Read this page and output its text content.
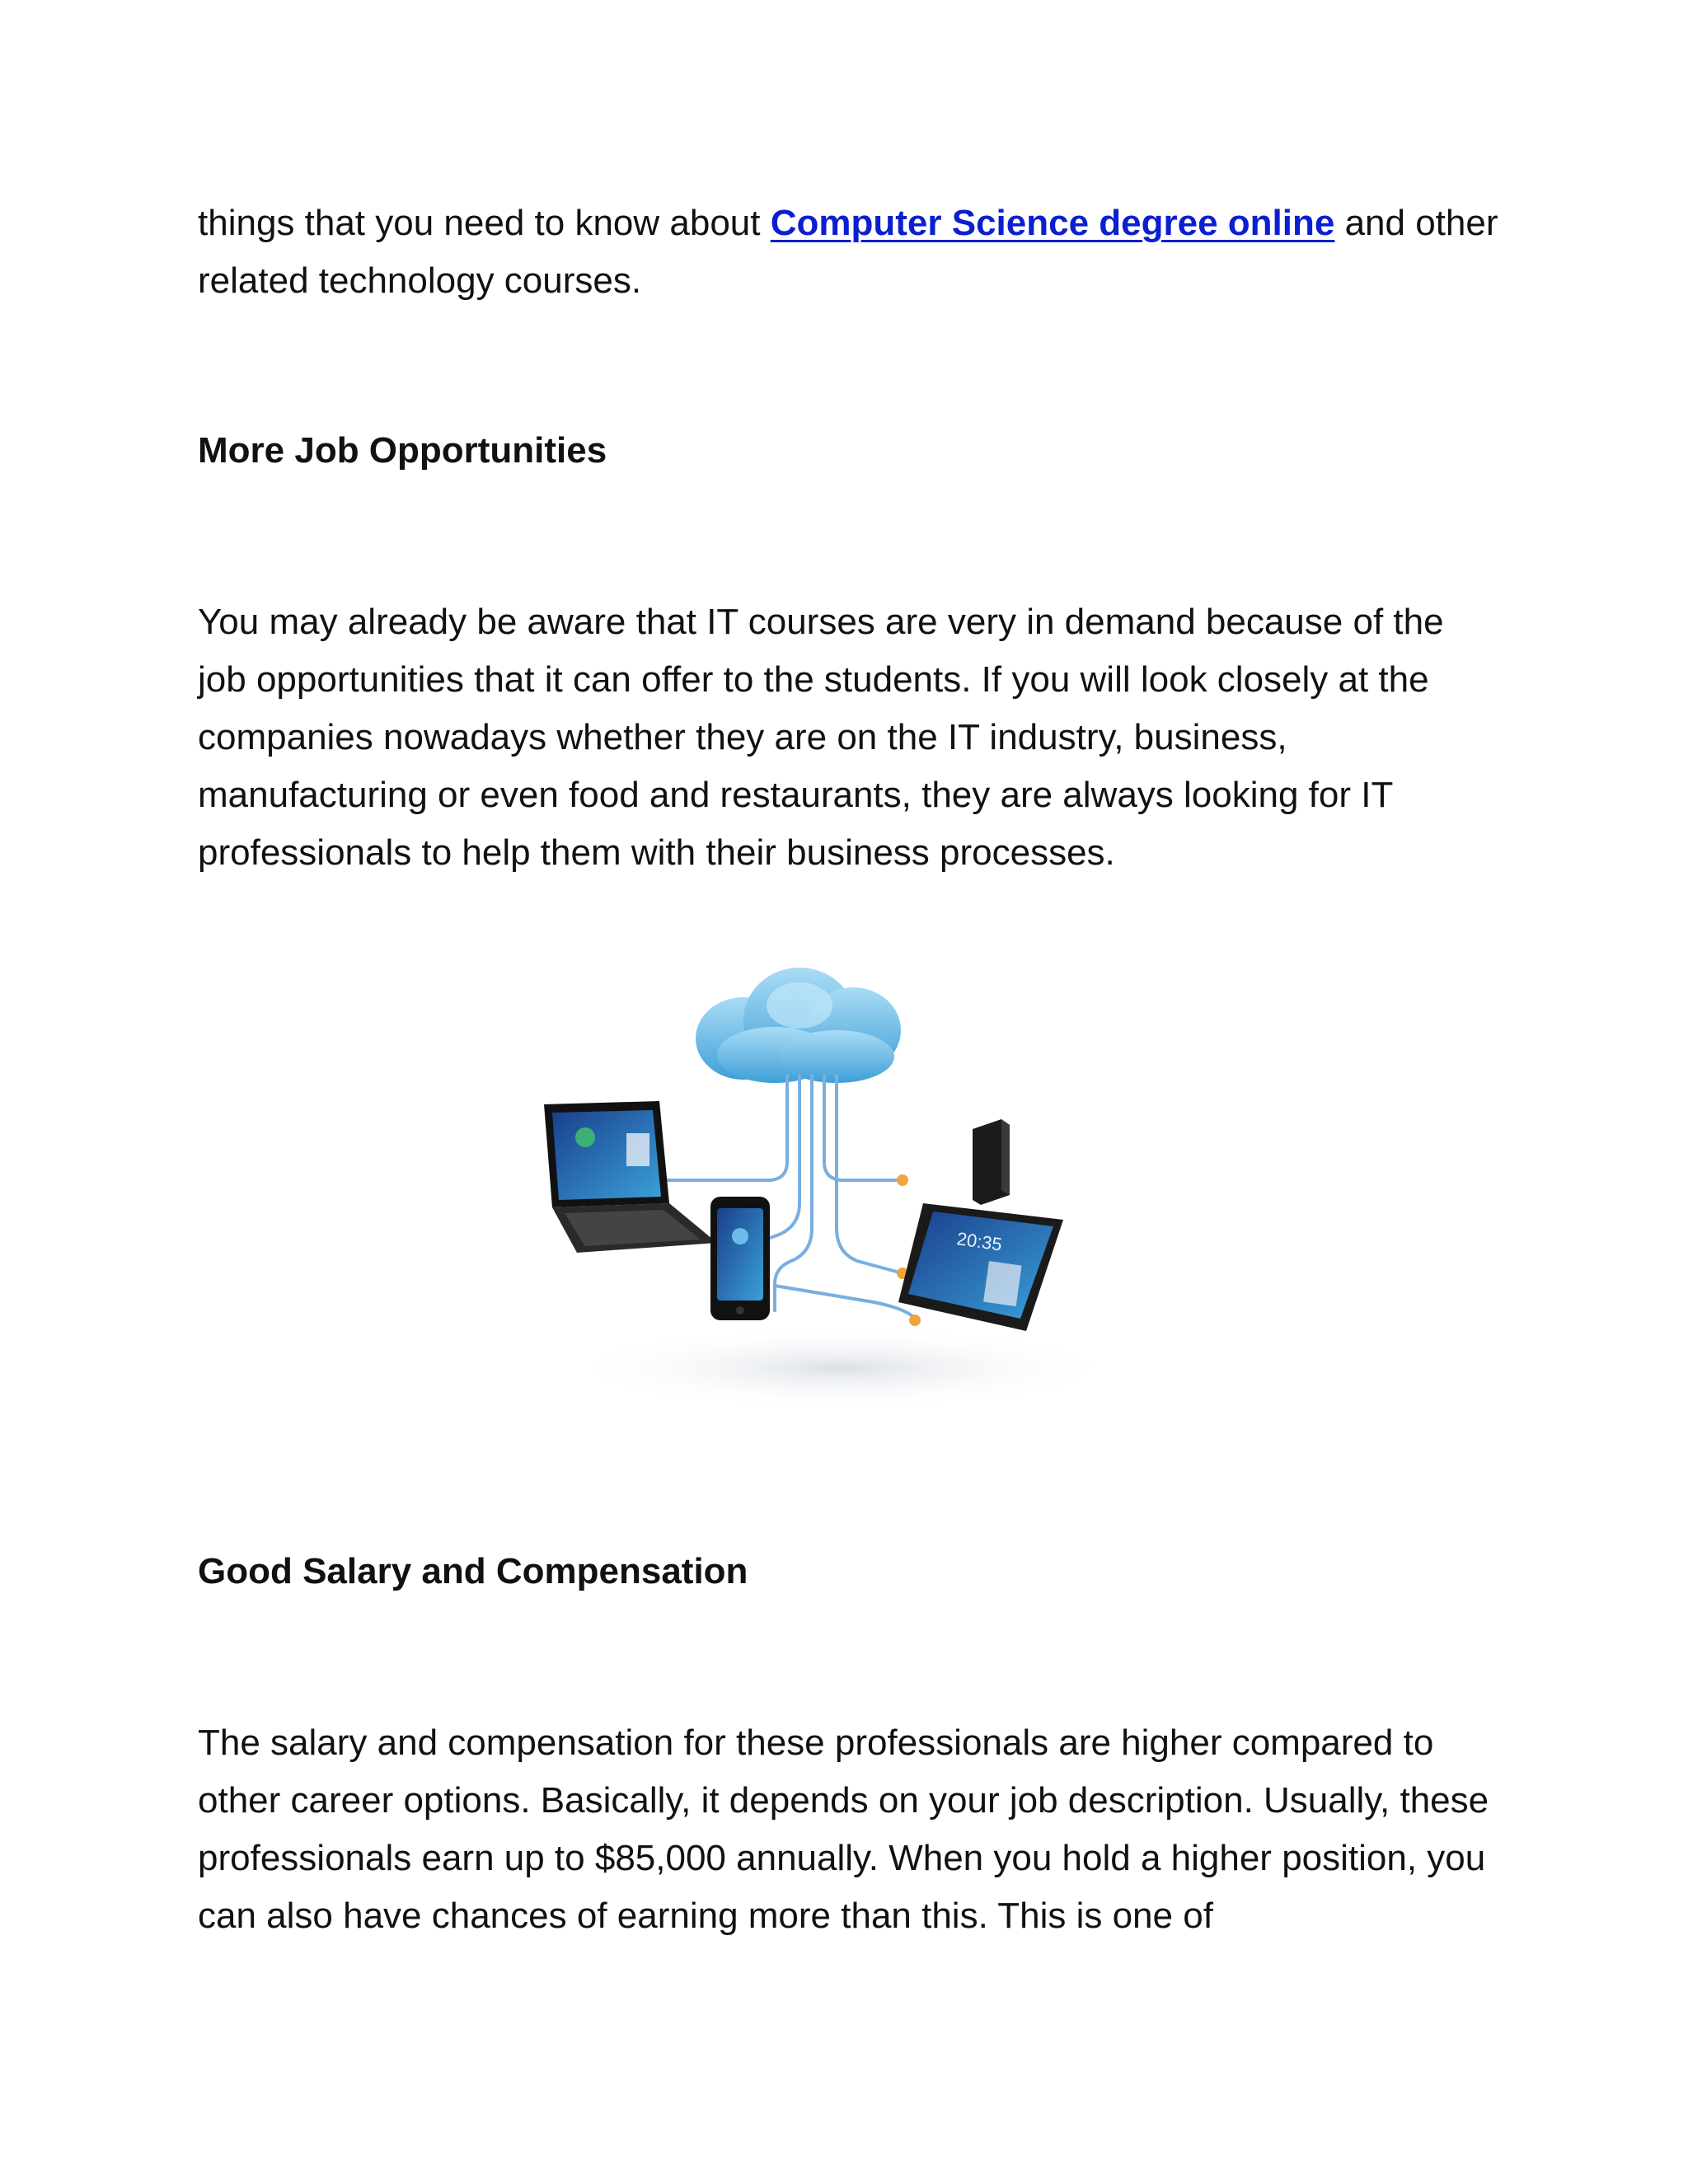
things that you need to know about Computer Science degree online and other related technology courses.

More Job Opportunities

You may already be aware that IT courses are very in demand because of the job opportunities that it can offer to the students. If you will look closely at the companies nowadays whether they are on the IT industry, business, manufacturing or even food and restaurants, they are always looking for IT professionals to help them with their business processes.

20:35
Good Salary and Compensation

The salary and compensation for these professionals are higher compared to other career options. Basically, it depends on your job description. Usually, these professionals earn up to $85,000 annually. When you hold a higher position, you can also have chances of earning more than this. This is one of
